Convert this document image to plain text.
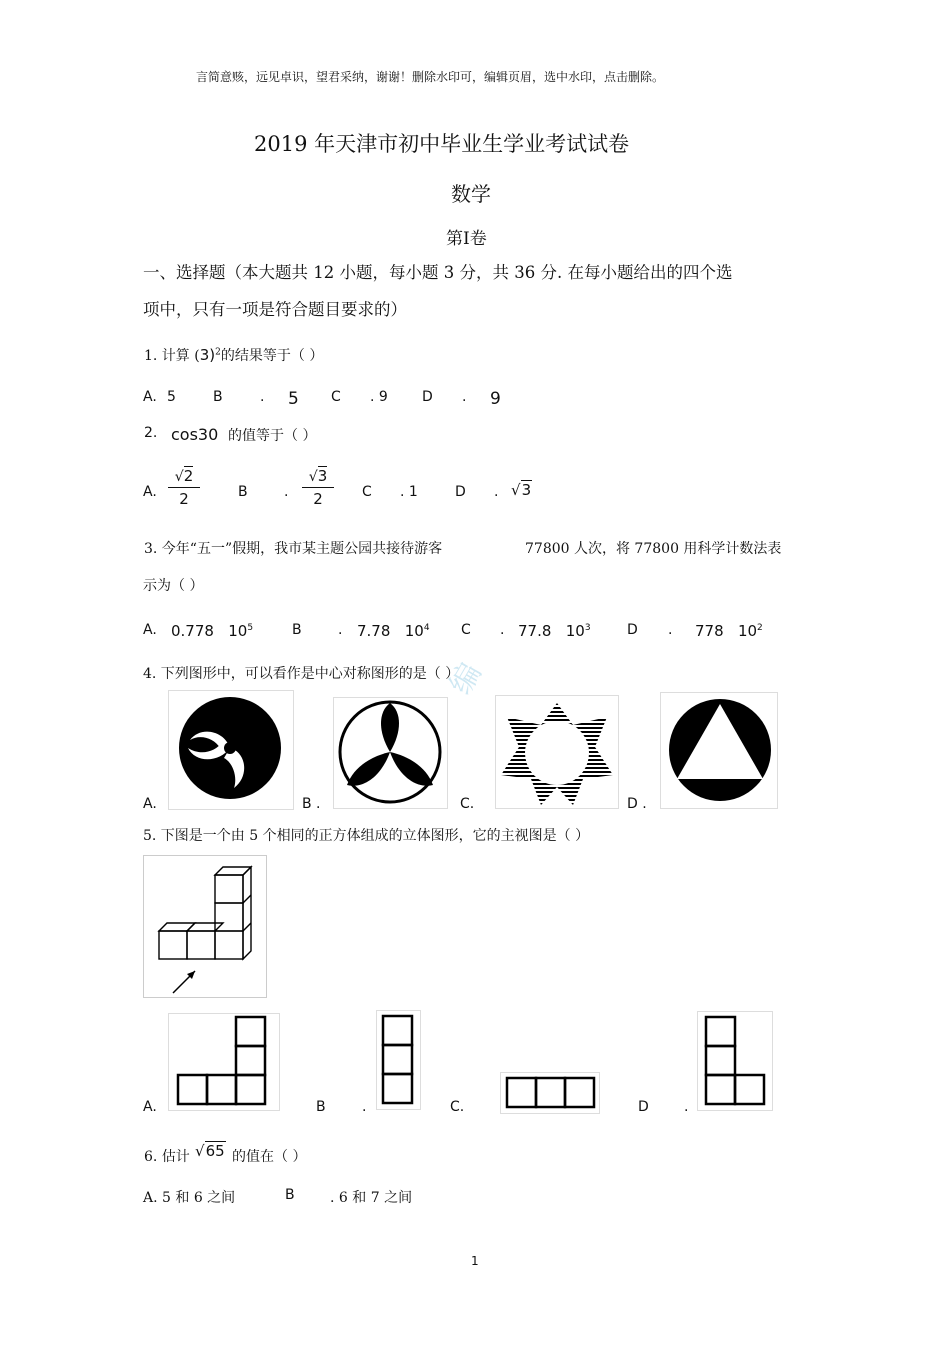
言简意赅，远见卓识，望君采纳，谢谢！删除水印可，编辑页眉，选中水印，点击删除。
2019 年天津市初中毕业生学业考试试卷
数学
第Ⅰ卷
一、选择题（本大题共 12 小题，每小题 3 分，共 36 分. 在每小题给出的四个选
项中，只有一项是符合题目要求的）
1. 计算 $(3)^2$的结果等于（ ）
A. 5	B	. 5 C . 9 D . 9
2. cos30 的值等于（ ）
A.
√2
2	B	.
√3
2	C . 1	D . √3
3. 今年“五一”假期，我市某主题公园共接待游客	77800 人次，将 77800 用科学计数法表
示为（ ）
A. 0.778 $10^5$	B	. 7.78 $10^4$ C . 77.8 $10^3$	D . 778 $10^2$
4. 下列图形中，可以看作是中心对称图形的是（ ）
编
A.	B .	C.	D .
5. 下图是一个由 5 个相同的正方体组成的立体图形，它的主视图是（ ）
A.	B	.	C.	D	.
6. 估计 √65 的值在（ ）
A. 5 和 6 之间	B	. 6 和 7 之间
1
